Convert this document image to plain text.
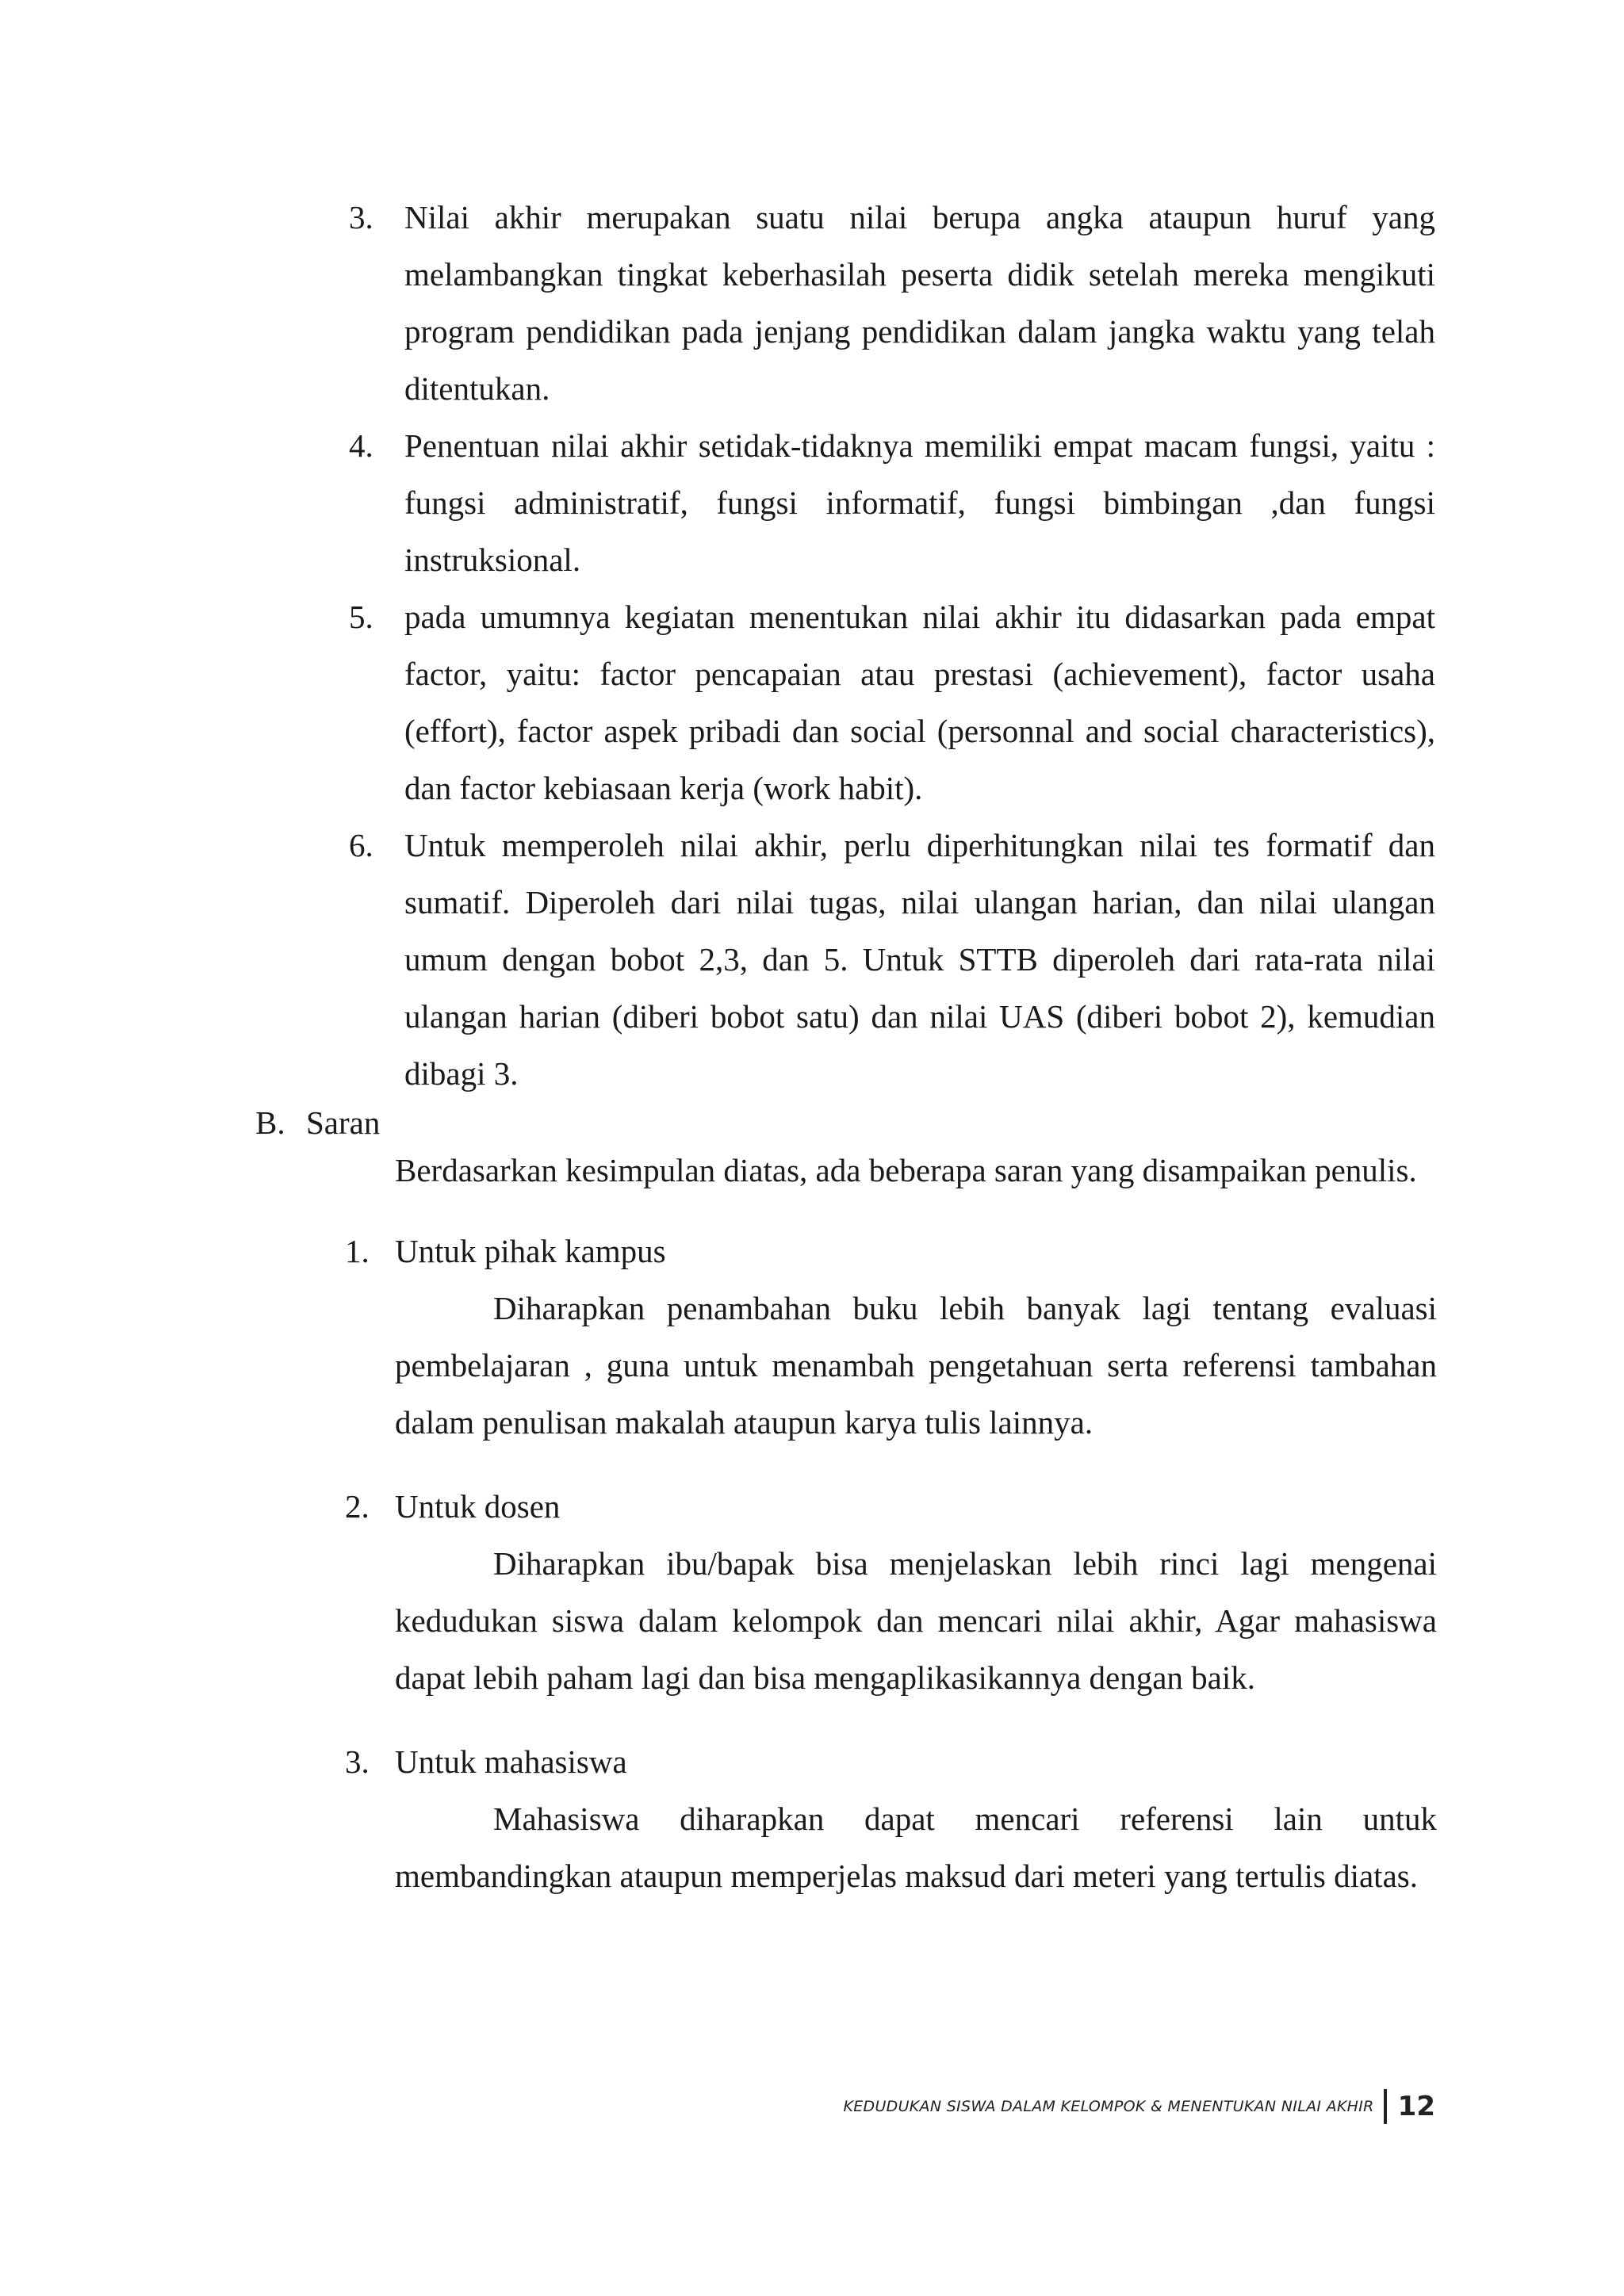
3. Nilai akhir merupakan suatu nilai berupa angka ataupun huruf yang melambangkan tingkat keberhasilah peserta didik setelah mereka mengikuti program pendidikan pada jenjang pendidikan dalam jangka waktu yang telah ditentukan.
4. Penentuan nilai akhir setidak-tidaknya memiliki empat macam fungsi, yaitu : fungsi administratif, fungsi informatif, fungsi bimbingan ,dan fungsi instruksional.
5. pada umumnya kegiatan menentukan nilai akhir itu didasarkan pada empat factor, yaitu: factor pencapaian atau prestasi (achievement), factor usaha (effort), factor aspek pribadi dan social (personnal and social characteristics), dan factor kebiasaan kerja (work habit).
6. Untuk memperoleh nilai akhir, perlu diperhitungkan nilai tes formatif dan sumatif. Diperoleh dari nilai tugas, nilai ulangan harian, dan nilai ulangan umum dengan bobot 2,3, dan 5. Untuk STTB diperoleh dari rata-rata nilai ulangan harian (diberi bobot satu) dan nilai UAS (diberi bobot 2), kemudian dibagi 3.
B. Saran
Berdasarkan kesimpulan diatas, ada beberapa saran yang disampaikan penulis.
1. Untuk pihak kampus
Diharapkan penambahan buku lebih banyak lagi tentang evaluasi pembelajaran , guna untuk menambah pengetahuan serta referensi tambahan dalam penulisan makalah ataupun karya tulis lainnya.
2. Untuk dosen
Diharapkan ibu/bapak bisa menjelaskan lebih rinci lagi mengenai kedudukan siswa dalam kelompok dan mencari nilai akhir, Agar mahasiswa dapat lebih paham lagi dan bisa mengaplikasikannya dengan baik.
3. Untuk mahasiswa
Mahasiswa diharapkan dapat mencari referensi lain untuk membandingkan ataupun memperjelas maksud dari meteri yang tertulis diatas.
KEDUDUKAN SISWA DALAM KELOMPOK & MENENTUKAN NILAI AKHIR 12
